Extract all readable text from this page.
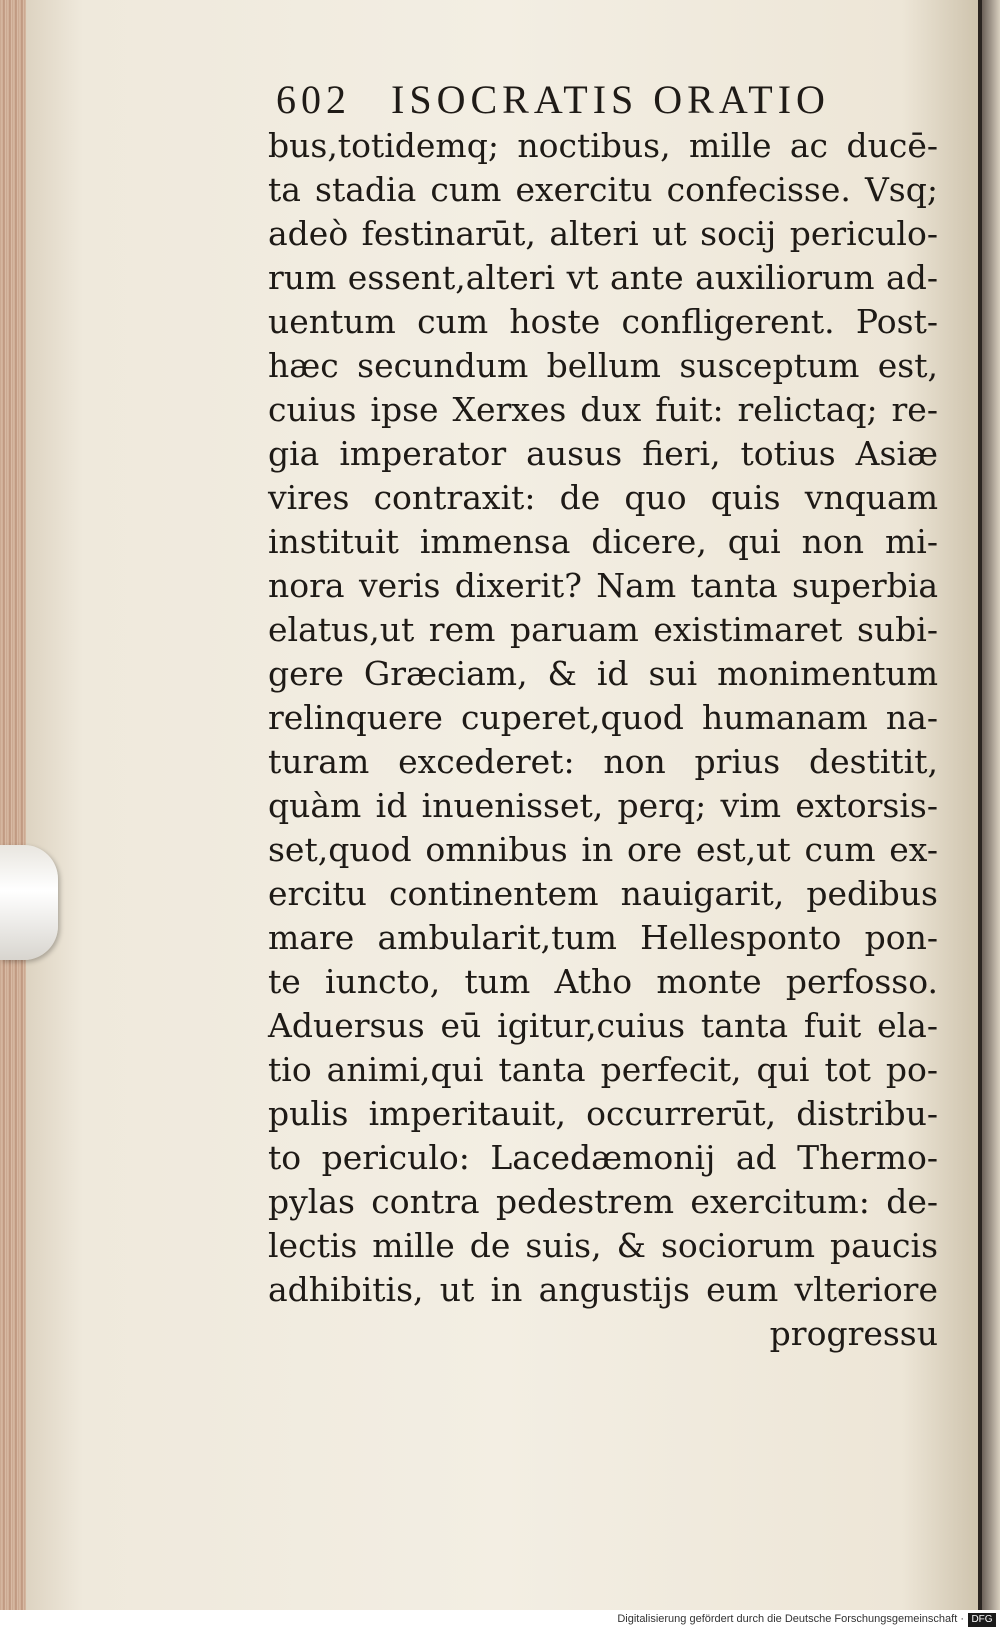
602 ISOCRATIS ORATIO
bus,totidemq; noctibus, mille ac ducē-
ta stadia cum exercitu confecisse. Vsq;
adeò festinarūt, alteri ut socij periculo-
rum essent,alteri vt ante auxiliorum ad-
uentum cum hoste confligerent. Post-
hæc secundum bellum susceptum est,
cuius ipse Xerxes dux fuit: relictaq; re-
gia imperator ausus fieri, totius Asiæ
vires contraxit: de quo quis vnquam
instituit immensa dicere, qui non mi-
nora veris dixerit? Nam tanta superbia
elatus,ut rem paruam existimaret subi-
gere Græciam, & id sui monimentum
relinquere cuperet,quod humanam na-
turam excederet: non prius destitit,
quàm id inuenisset, perq; vim extorsis-
set,quod omnibus in ore est,ut cum ex-
ercitu continentem nauigarit, pedibus
mare ambularit,tum Hellesponto pon-
te iuncto, tum Atho monte perfosso.
Aduersus eū igitur,cuius tanta fuit ela-
tio animi,qui tanta perfecit, qui tot po-
pulis imperitauit, occurrerūt, distribu-
to periculo: Lacedæmonij ad Thermo-
pylas contra pedestrem exercitum: de-
lectis mille de suis, & sociorum paucis
adhibitis, ut in angustijs eum vlteriore
progressu
Digitalisierung gefördert durch die Deutsche Forschungsgemeinschaft · DFG
